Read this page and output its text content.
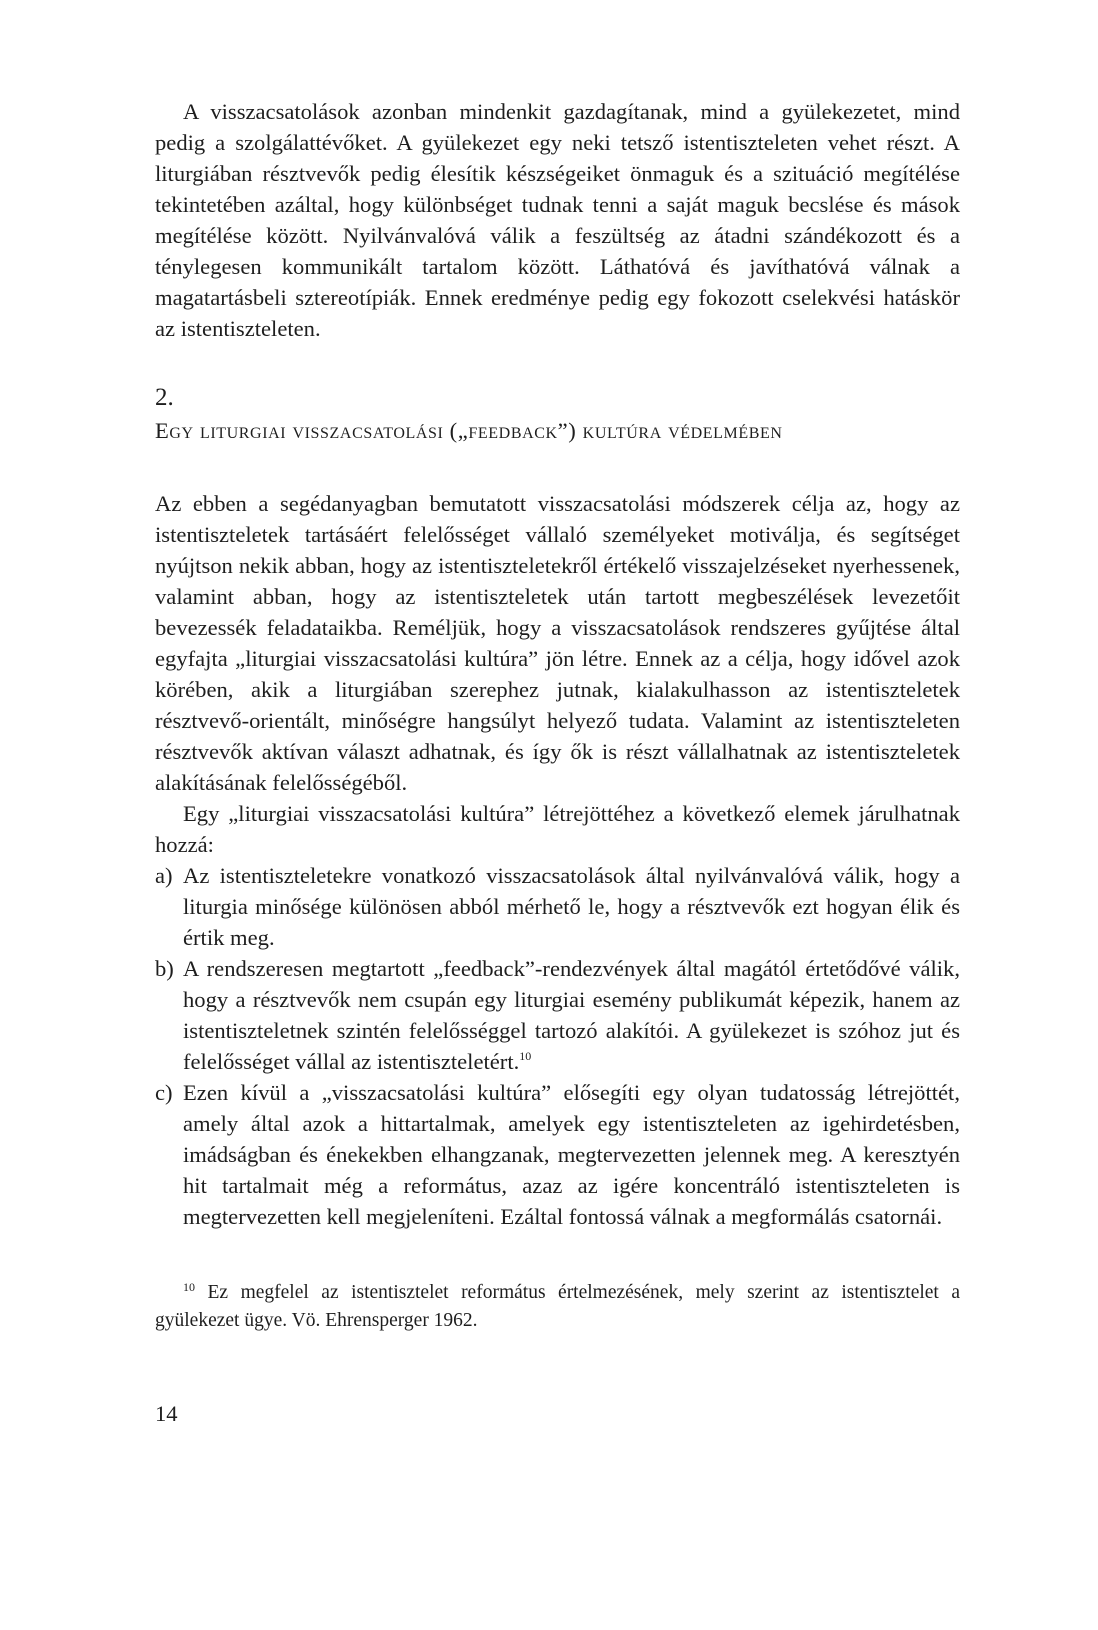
A visszacsatolások azonban mindenkit gazdagítanak, mind a gyülekezetet, mind pedig a szolgálattévőket. A gyülekezet egy neki tetsző istentiszteleten vehet részt. A liturgiában résztvevők pedig élesítik készségeiket önmaguk és a szituáció megítélése tekintetében azáltal, hogy különbséget tudnak tenni a saját maguk becslése és mások megítélése között. Nyilvánvalóvá válik a feszültség az átadni szándékozott és a ténylegesen kommunikált tartalom között. Láthatóvá és javíthatóvá válnak a magatartásbeli sztereotípiák. Ennek eredménye pedig egy fokozott cselekvési hatáskör az istentiszteleten.

2.
Egy liturgiai visszacsatolási („feedback”) kultúra védelmében

Az ebben a segédanyagban bemutatott visszacsatolási módszerek célja az, hogy az istentiszteletek tartásáért felelősséget vállaló személyeket motiválja, és segítséget nyújtson nekik abban, hogy az istentiszteletekről értékelő visszajelzéseket nyerhessenek, valamint abban, hogy az istentiszteletek után tartott megbeszélések levezetőit bevezessék feladataikba. Reméljük, hogy a visszacsatolások rendszeres gyűjtése által egyfajta „liturgiai visszacsatolási kultúra” jön létre. Ennek az a célja, hogy idővel azok körében, akik a liturgiában szerephez jutnak, kialakulhasson az istentiszteletek résztvevő-orientált, minőségre hangsúlyt helyező tudata. Valamint az istentiszteleten résztvevők aktívan választ adhatnak, és így ők is részt vállalhatnak az istentiszteletek alakításának felelősségéből.

Egy „liturgiai visszacsatolási kultúra” létrejöttéhez a következő elemek járulhatnak hozzá:

a) Az istentiszteletekre vonatkozó visszacsatolások által nyilvánvalóvá válik, hogy a liturgia minősége különösen abból mérhető le, hogy a résztvevők ezt hogyan élik és értik meg.
b) A rendszeresen megtartott „feedback”-rendezvények által magától értetődővé válik, hogy a résztvevők nem csupán egy liturgiai esemény publikumát képezik, hanem az istentiszteletnek szintén felelősséggel tartozó alakítói. A gyülekezet is szóhoz jut és felelősséget vállal az istentiszteletért.$^{10}$
c) Ezen kívül a „visszacsatolási kultúra” elősegíti egy olyan tudatosság létrejöttét, amely által azok a hittartalmak, amelyek egy istentiszteleten az igehirdetésben, imádságban és énekekben elhangzanak, megtervezetten jelennek meg. A keresztyén hit tartalmait még a református, azaz az igére koncentráló istentiszteleten is megtervezetten kell megjeleníteni. Ezáltal fontossá válnak a megformálás csatornái.

$^{10}$ Ez megfelel az istentisztelet református értelmezésének, mely szerint az istentisztelet a gyülekezet ügye. Vö. Ehrensperger 1962.

14
